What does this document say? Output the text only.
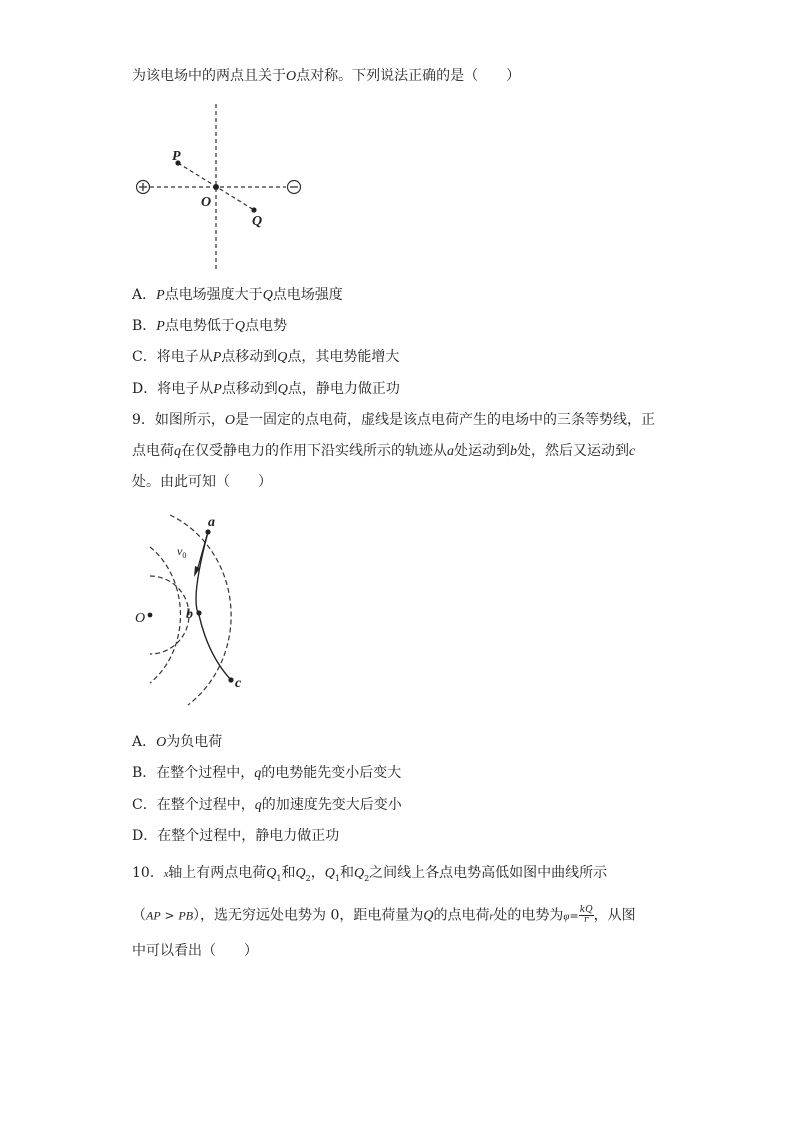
为该电场中的两点且关于O点对称。下列说法正确的是（　　）
P
O
Q
A．P点电场强度大于Q点电场强度
B．P点电势低于Q点电势
C．将电子从P点移动到Q点，其电势能增大
D．将电子从P点移动到Q点，静电力做正功
9．如图所示，O是一固定的点电荷，虚线是该点电荷产生的电场中的三条等势线，正
点电荷q在仅受静电力的作用下沿实线所示的轨迹从a处运动到b处，然后又运动到c
处。由此可知（　　）
O
a
b
c
$v_0$
A．O为负电荷
B．在整个过程中，q的电势能先变小后变大
C．在整个过程中，q的加速度先变大后变小
D．在整个过程中，静电力做正功
10．x轴上有两点电荷$Q_1$和$Q_2$，$Q_1$和$Q_2$之间线上各点电势高低如图中曲线所示
（AP > PB），选无穷远处电势为 0，距电荷量为Q的点电荷r处的电势为$\varphi= \frac{kQ}{r}$ ，从图
中可以看出（　　）
